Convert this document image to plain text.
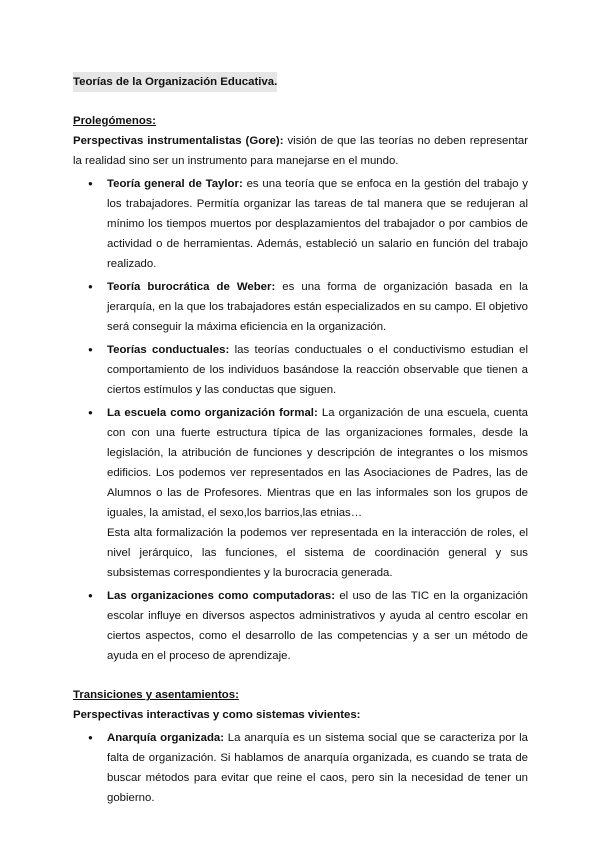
Teorías de la Organización Educativa.
Prolegómenos:

Perspectivas instrumentalistas (Gore): visión de que las teorías no deben representar la realidad sino ser un instrumento para manejarse en el mundo.

● Teoría general de Taylor: es una teoría que se enfoca en la gestión del trabajo y los trabajadores. Permitía organizar las tareas de tal manera que se redujeran al mínimo los tiempos muertos por desplazamientos del trabajador o por cambios de actividad o de herramientas. Además, estableció un salario en función del trabajo realizado.
● Teoría burocrática de Weber: es una forma de organización basada en la jerarquía, en la que los trabajadores están especializados en su campo. El objetivo será conseguir la máxima eficiencia en la organización.
● Teorías conductuales: las teorías conductuales o el conductivismo estudian el comportamiento de los individuos basándose la reacción observable que tienen a ciertos estímulos y las conductas que siguen.
● La escuela como organización formal: La organización de una escuela, cuenta con con una fuerte estructura típica de las organizaciones formales, desde la legislación, la atribución de funciones y descripción de integrantes o los mismos edificios. Los podemos ver representados en las Asociaciones de Padres, las de Alumnos o las de Profesores. Mientras que en las informales son los grupos de iguales, la amistad, el sexo,los barrios,las etnias…
Esta alta formalización la podemos ver representada en la interacción de roles, el nivel jerárquico, las funciones, el sistema de coordinación general y sus subsistemas correspondientes y la burocracia generada.
● Las organizaciones como computadoras: el uso de las TIC en la organización escolar influye en diversos aspectos administrativos y ayuda al centro escolar en ciertos aspectos, como el desarrollo de las competencias y a ser un método de ayuda en el proceso de aprendizaje.
Transiciones y asentamientos:
Perspectivas interactivas y como sistemas vivientes:
● Anarquía organizada: La anarquía es un sistema social que se caracteriza por la falta de organización. Si hablamos de anarquía organizada, es cuando se trata de buscar métodos para evitar que reine el caos, pero sin la necesidad de tener un gobierno.
